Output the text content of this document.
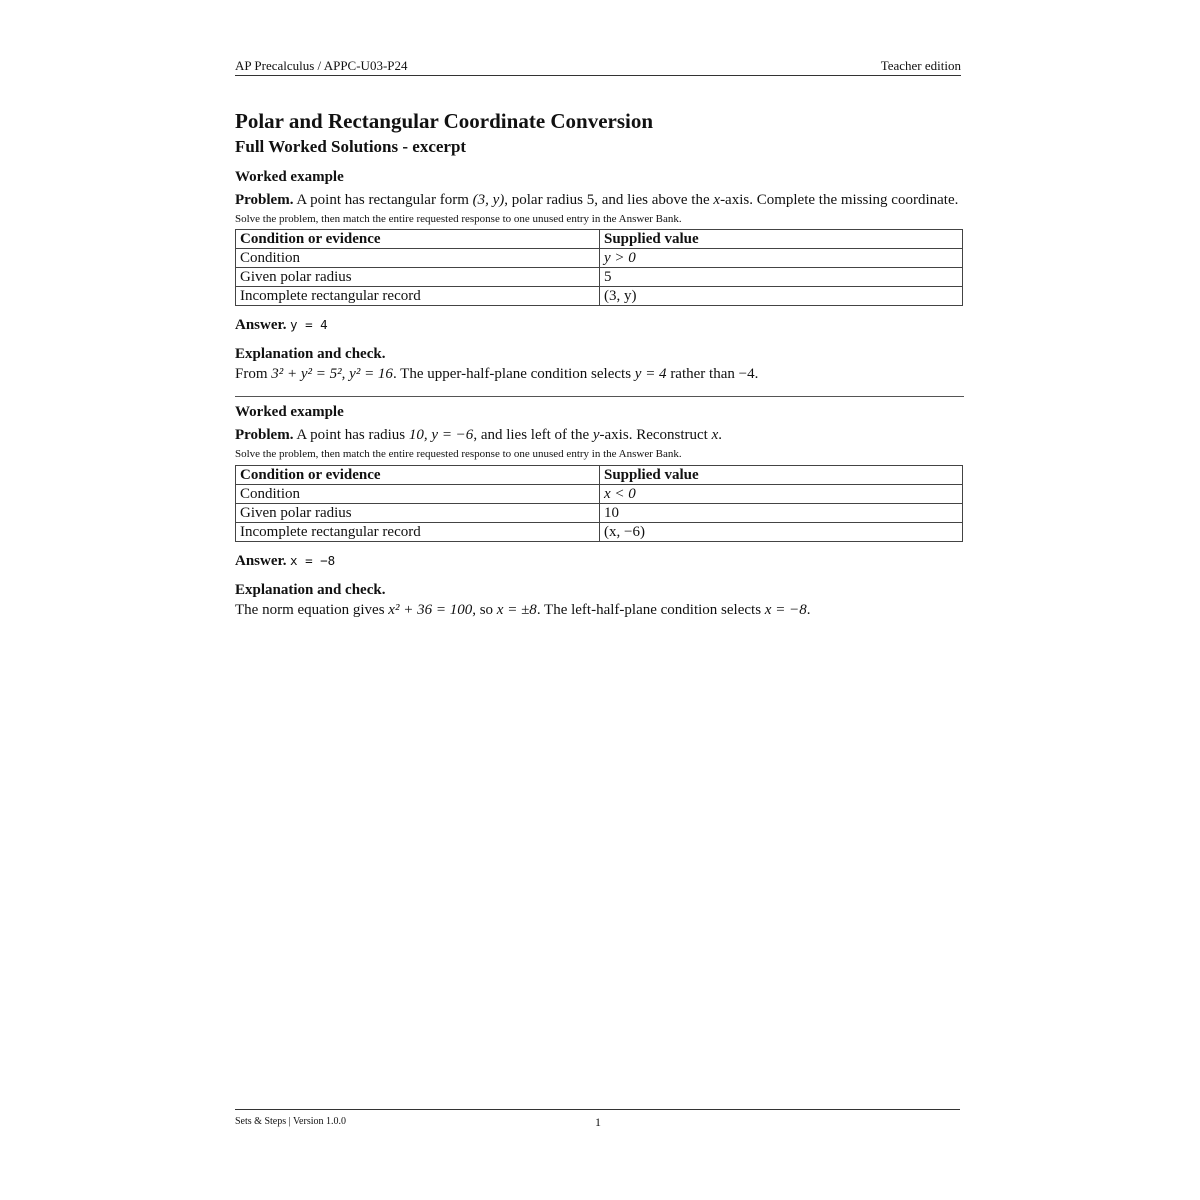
AP Precalculus / APPC-U03-P24	Teacher edition
Polar and Rectangular Coordinate Conversion
Full Worked Solutions - excerpt
Worked example
Problem. A point has rectangular form (3, y), polar radius 5, and lies above the x-axis. Complete the missing coordinate.
Solve the problem, then match the entire requested response to one unused entry in the Answer Bank.
Condition or evidence	Supplied value
Condition	y > 0
Given polar radius	5
Incomplete rectangular record	(3, y)
Answer. y = 4
Explanation and check.
From 3² + y² = 5², y² = 16. The upper-half-plane condition selects y = 4 rather than −4.
Worked example
Problem. A point has radius 10, y = −6, and lies left of the y-axis. Reconstruct x.
Solve the problem, then match the entire requested response to one unused entry in the Answer Bank.
Condition or evidence	Supplied value
Condition	x < 0
Given polar radius	10
Incomplete rectangular record	(x, −6)
Answer. x = −8
Explanation and check.
The norm equation gives x² + 36 = 100, so x = ±8. The left-half-plane condition selects x = −8.
Sets & Steps | Version 1.0.0	1
